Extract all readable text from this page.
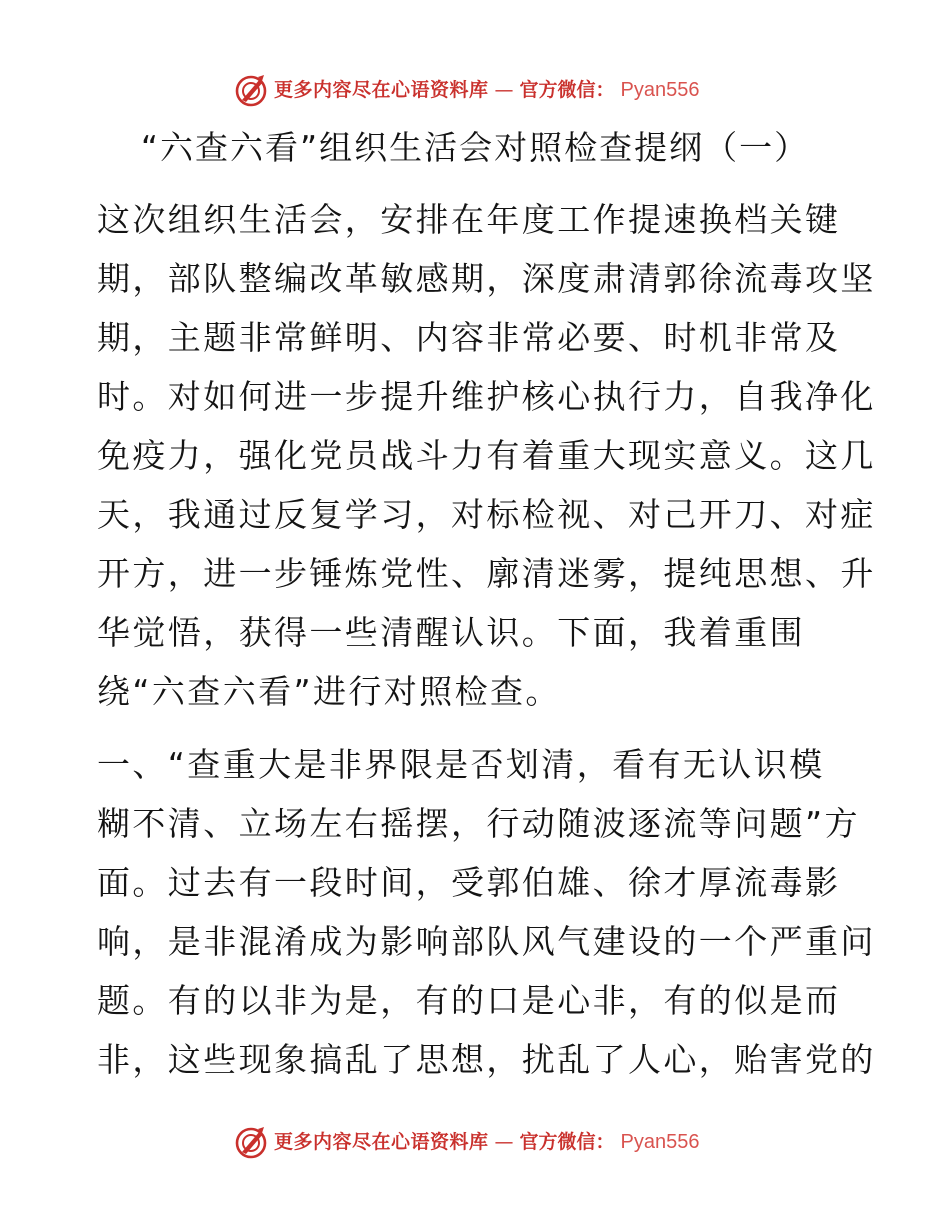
更多内容尽在心语资料库 — 官方微信： Pyan556
“六查六看”组织生活会对照检查提纲（一）
这次组织生活会，安排在年度工作提速换档关键
期，部队整编改革敏感期，深度肃清郭徐流毒攻坚
期，主题非常鲜明、内容非常必要、时机非常及
时。对如何进一步提升维护核心执行力，自我净化
免疫力，强化党员战斗力有着重大现实意义。这几
天，我通过反复学习，对标检视、对己开刀、对症
开方，进一步锤炼党性、廓清迷雾，提纯思想、升
华觉悟，获得一些清醒认识。下面，我着重围
绕“六查六看”进行对照检查。
一、“查重大是非界限是否划清，看有无认识模
糊不清、立场左右摇摆，行动随波逐流等问题”方
面。过去有一段时间，受郭伯雄、徐才厚流毒影
响，是非混淆成为影响部队风气建设的一个严重问
题。有的以非为是，有的口是心非，有的似是而
非，这些现象搞乱了思想，扰乱了人心，贻害党的
更多内容尽在心语资料库 — 官方微信： Pyan556
